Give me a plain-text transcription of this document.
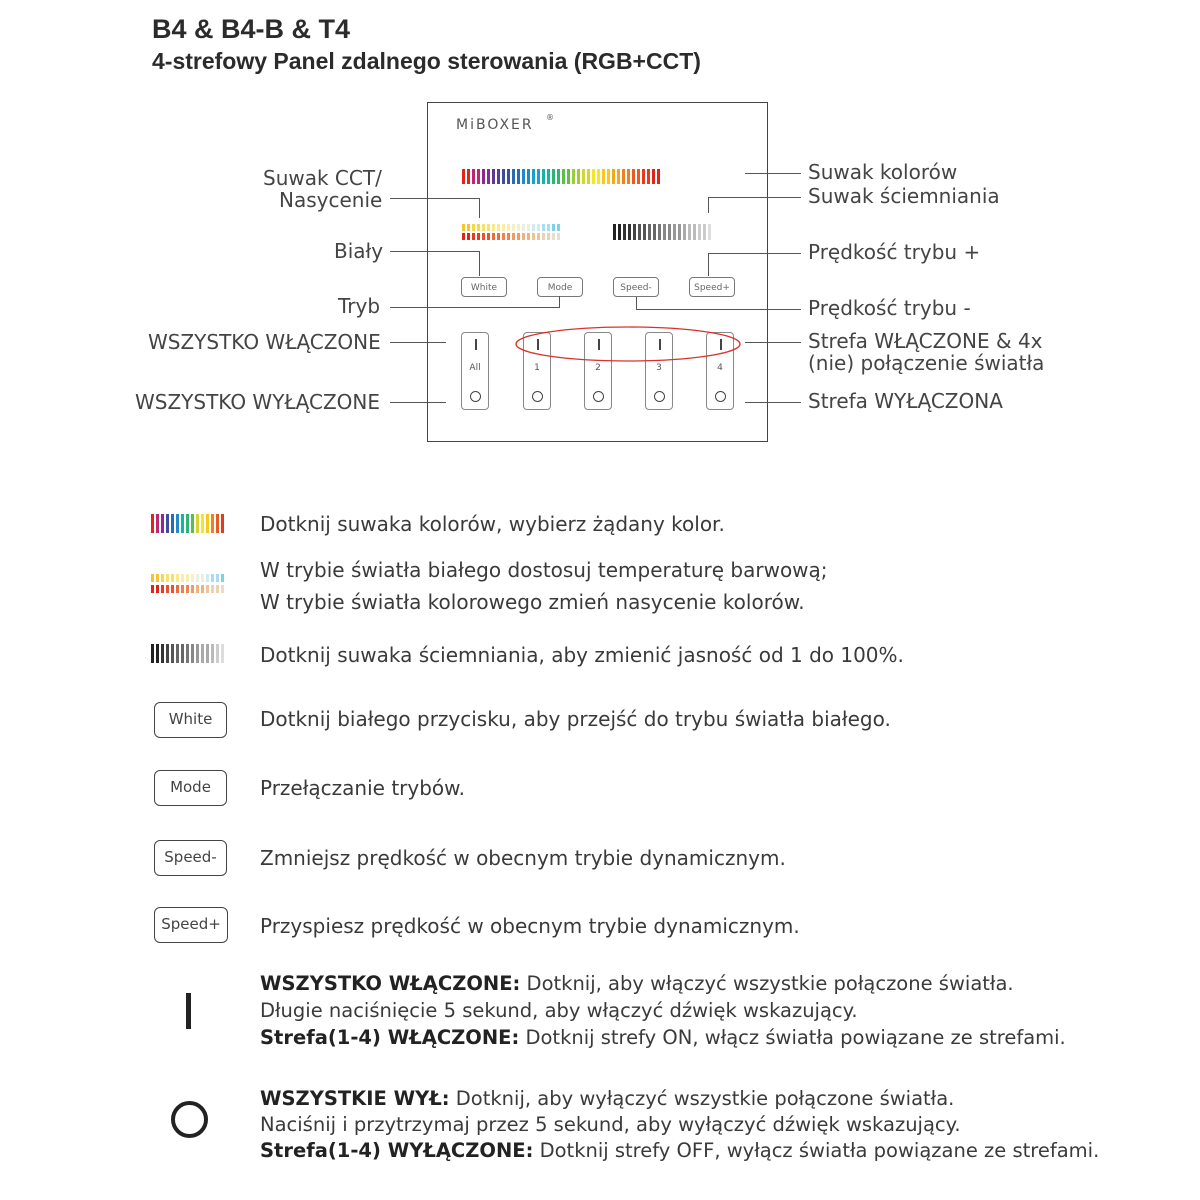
B4 & B4-B & T4
4-strefowy Panel zdalnego sterowania (RGB+CCT)
MiBOXER ®
White	Mode	Speed-	Speed+
All	1	2	3	4
Suwak CCT/
Nasycenie
Biały
Tryb
WSZYSTKO WŁĄCZONE
WSZYSTKO WYŁĄCZONE
Suwak kolorów
Suwak ściemniania
Prędkość trybu +
Prędkość trybu -
Strefa WŁĄCZONE & 4x
(nie) połączenie światła
Strefa WYŁĄCZONA
Dotknij suwaka kolorów, wybierz żądany kolor.
W trybie światła białego dostosuj temperaturę barwową;
W trybie światła kolorowego zmień nasycenie kolorów.
Dotknij suwaka ściemniania, aby zmienić jasność od 1 do 100%.
White	Dotknij białego przycisku, aby przejść do trybu światła białego.
Mode	Przełączanie trybów.
Speed-	Zmniejsz prędkość w obecnym trybie dynamicznym.
Speed+	Przyspiesz prędkość w obecnym trybie dynamicznym.
WSZYSTKO WŁĄCZONE: Dotknij, aby włączyć wszystkie połączone światła.
Długie naciśnięcie 5 sekund, aby włączyć dźwięk wskazujący.
Strefa(1-4) WŁĄCZONE: Dotknij strefy ON, włącz światła powiązane ze strefami.
WSZYSTKIE WYŁ: Dotknij, aby wyłączyć wszystkie połączone światła.
Naciśnij i przytrzymaj przez 5 sekund, aby wyłączyć dźwięk wskazujący.
Strefa(1-4) WYŁĄCZONE: Dotknij strefy OFF, wyłącz światła powiązane ze strefami.
